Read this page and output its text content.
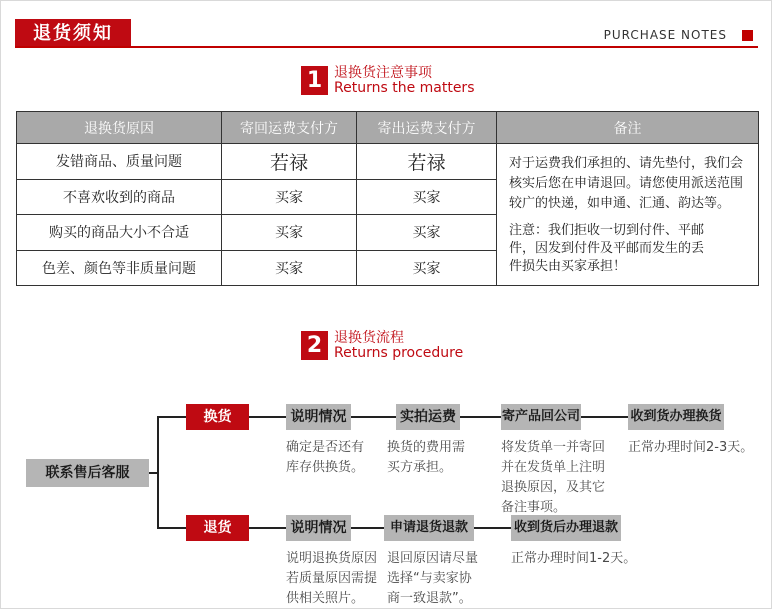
退货须知	PURCHASE NOTES
1 退换货注意事项
Returns the matters
退换货原因	寄回运费支付方	寄出运费支付方	备注
发错商品、质量问题	若禄	若禄	对于运费我们承担的、请先垫付，我们会核实后您在申请退回。请您使用派送范围较广的快递，如申通、汇通、韵达等。

注意：我们拒收一切到付件、平邮件，因发到付件及平邮而发生的丢件损失由买家承担！

不喜欢收到的商品	买家	买家	
购买的商品大小不合适	买家	买家	
色差、颜色等非质量问题	买家	买家	
2 退换货流程
Returns procedure
联系售后客服
换货	说明情况	实拍运费	寄产品回公司	收到货办理换货
确定是否还有库存供换货。
换货的费用需买方承担。
将发货单一并寄回并在发货单上注明退换原因，及其它备注事项。
正常办理时间2-3天。
退货	说明情况	申请退货退款	收到货后办理退款
说明退换货原因若质量原因需提供相关照片。
退回原因请尽量选择“与卖家协商一致退款”。
正常办理时间1-2天。
